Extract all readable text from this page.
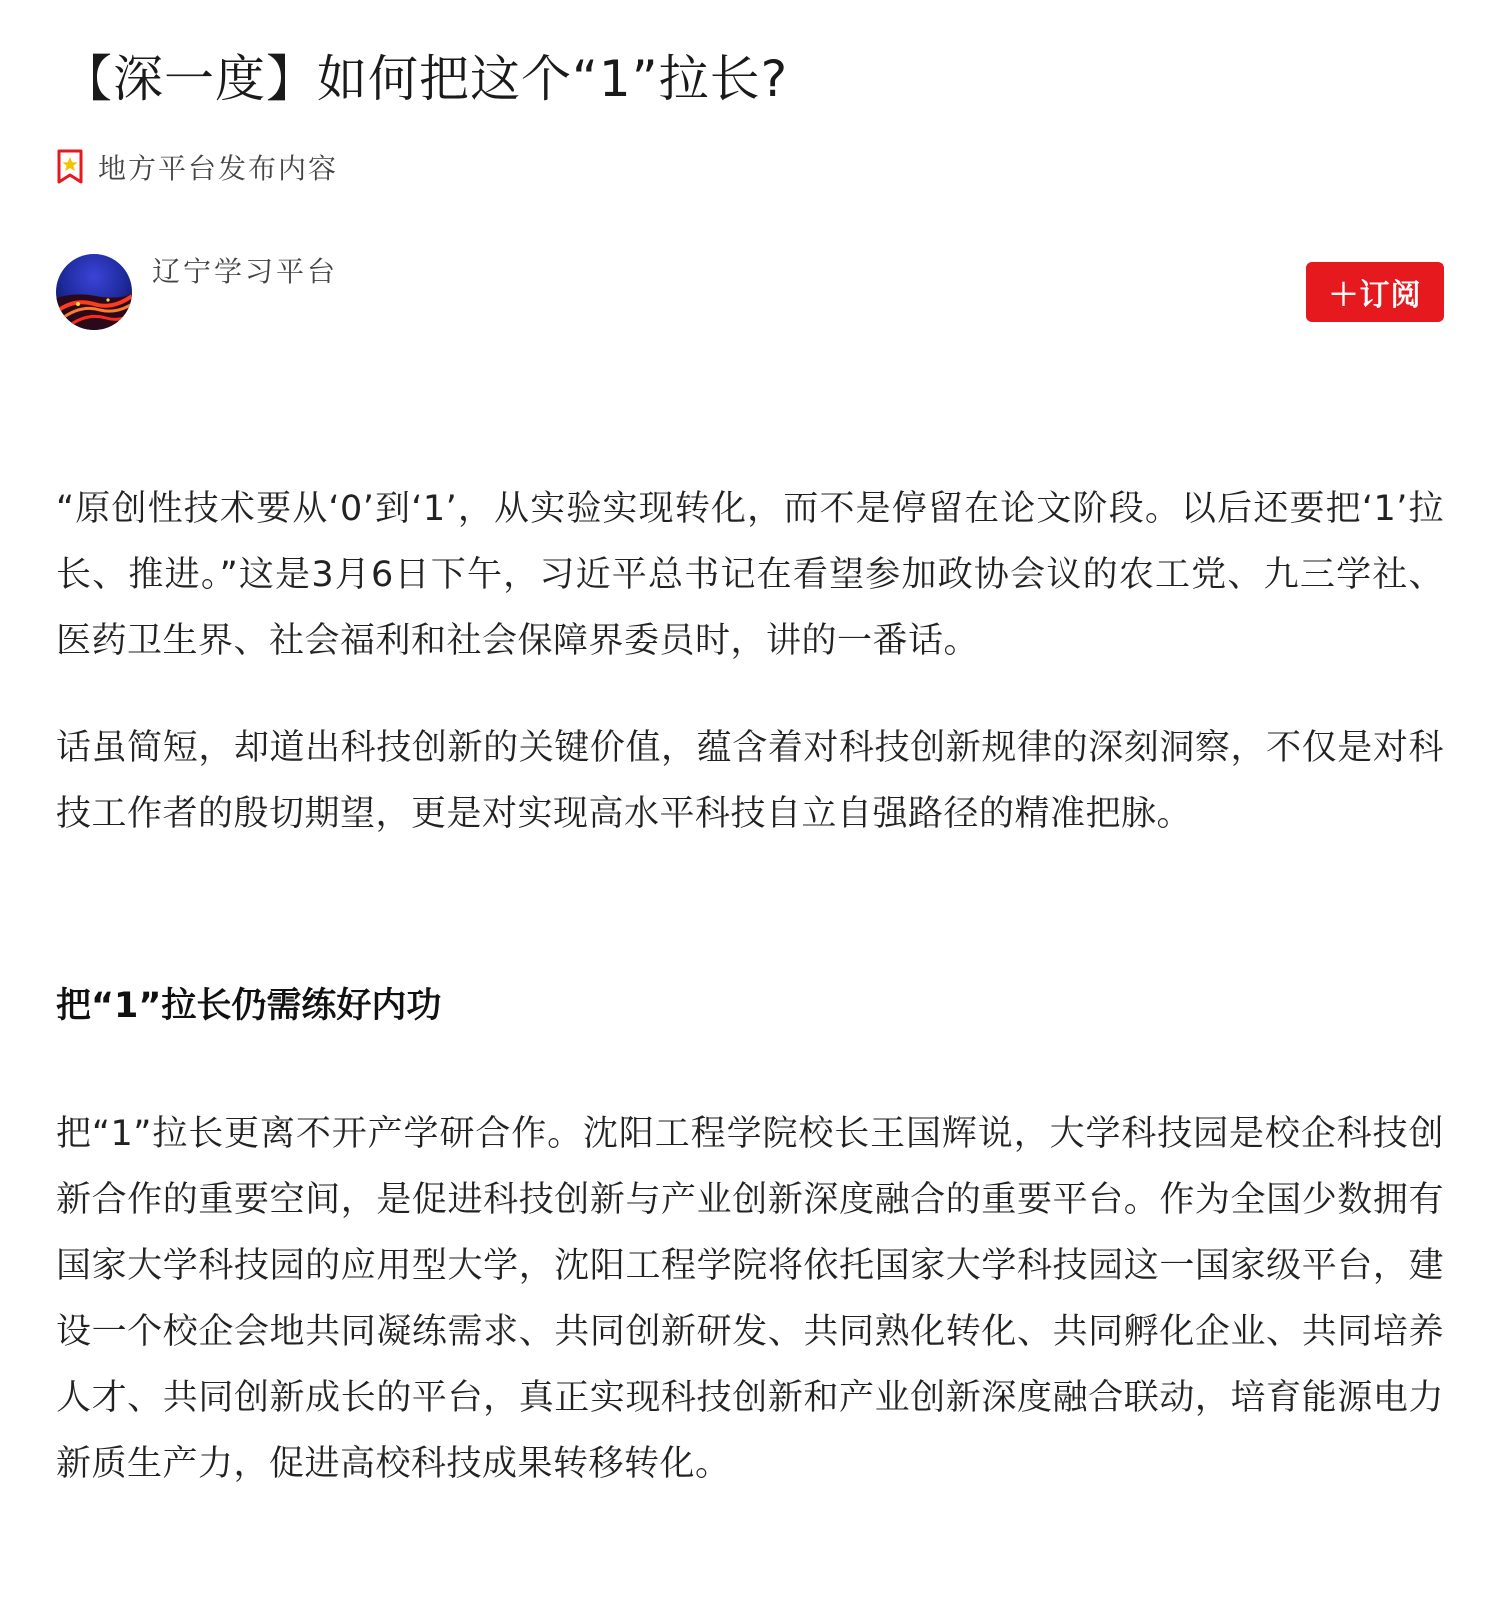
【深一度】如何把这个“1”拉长?
地方平台发布内容
辽宁学习平台
＋订阅

“原创性技术要从‘0’到‘1’，从实验实现转化，而不是停留在论文阶段。以后还要把‘1’拉长、推进。”这是3月6日下午，习近平总书记在看望参加政协会议的农工党、九三学社、医药卫生界、社会福利和社会保障界委员时，讲的一番话。

话虽简短，却道出科技创新的关键价值，蕴含着对科技创新规律的深刻洞察，不仅是对科技工作者的殷切期望，更是对实现高水平科技自立自强路径的精准把脉。

把“1”拉长仍需练好内功

把“1”拉长更离不开产学研合作。沈阳工程学院校长王国辉说，大学科技园是校企科技创新合作的重要空间，是促进科技创新与产业创新深度融合的重要平台。作为全国少数拥有国家大学科技园的应用型大学，沈阳工程学院将依托国家大学科技园这一国家级平台，建设一个校企会地共同凝练需求、共同创新研发、共同熟化转化、共同孵化企业、共同培养人才、共同创新成长的平台，真正实现科技创新和产业创新深度融合联动，培育能源电力新质生产力，促进高校科技成果转移转化。
